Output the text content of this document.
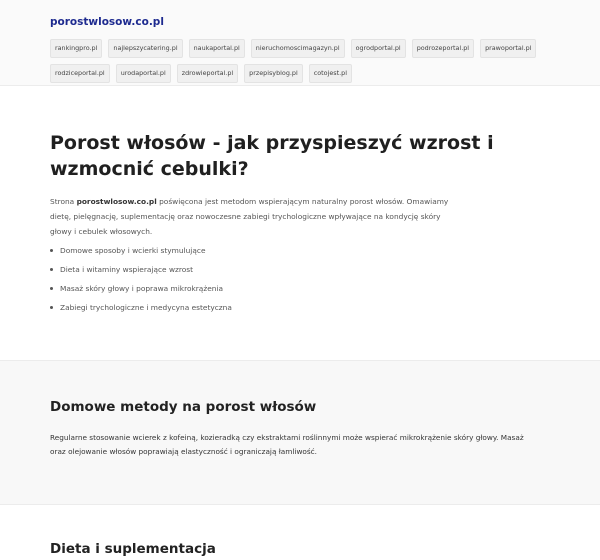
porostwlosow.co.pl
rankingpro.pl	najlepszycatering.pl	naukaportal.pl	nieruchomoscimagazyn.pl	ogrodportal.pl	podrozeportal.pl	prawoportal.pl
rodziceportal.pl	urodaportal.pl	zdrowieportal.pl	przepisyblog.pl	cotojest.pl
Porost włosów - jak przyspieszyć wzrost i wzmocnić cebulki?

Strona porostwlosow.co.pl poświęcona jest metodom wspierającym naturalny porost włosów. Omawiamy dietę, pielęgnację, suplementację oraz nowoczesne zabiegi trychologiczne wpływające na kondycję skóry głowy i cebulek włosowych.

Domowe sposoby i wcierki stymulujące
Dieta i witaminy wspierające wzrost
Masaż skóry głowy i poprawa mikrokrążenia
Zabiegi trychologiczne i medycyna estetyczna
Domowe metody na porost włosów

Regularne stosowanie wcierek z kofeiną, kozieradką czy ekstraktami roślinnymi może wspierać mikrokrążenie skóry głowy. Masaż oraz olejowanie włosów poprawiają elastyczność i ograniczają łamliwość.

Dieta i suplementacja
